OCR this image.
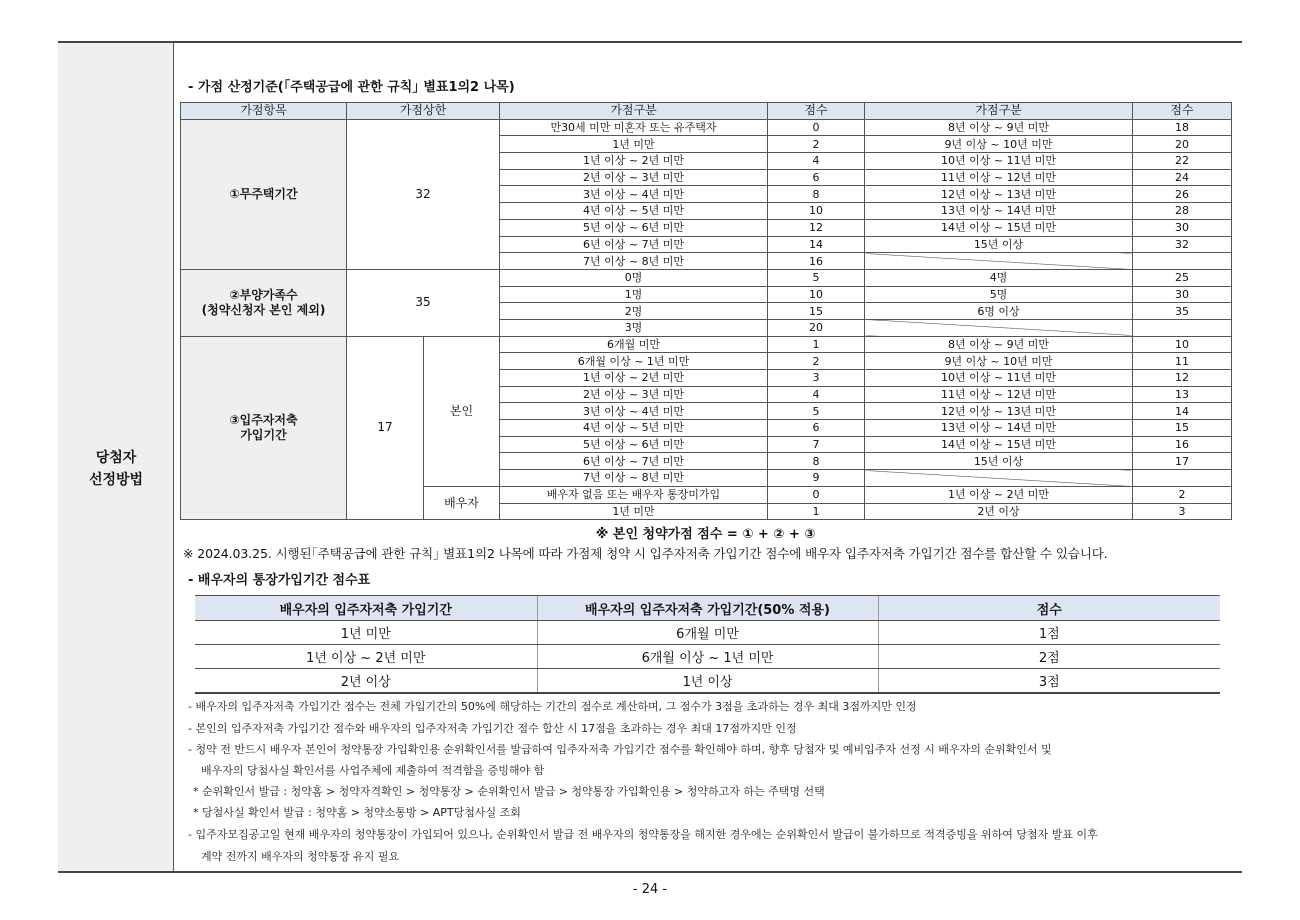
당첨자
선정방법
- 가점 산정기준(｢주택공급에 관한 규칙｣ 별표1의2 나목)
가점항목	가점상한		가점구분	점수	가점구분	점수
①무주택기간	32		만30세 미만 미혼자 또는 유주택자	0	8년 이상 ~ 9년 미만	18
			1년 미만	2	9년 이상 ~ 10년 미만	20
			1년 이상 ~ 2년 미만	4	10년 이상 ~ 11년 미만	22
			2년 이상 ~ 3년 미만	6	11년 이상 ~ 12년 미만	24
			3년 이상 ~ 4년 미만	8	12년 이상 ~ 13년 미만	26
			4년 이상 ~ 5년 미만	10	13년 이상 ~ 14년 미만	28
			5년 이상 ~ 6년 미만	12	14년 이상 ~ 15년 미만	30
			6년 이상 ~ 7년 미만	14	15년 이상	32
			7년 이상 ~ 8년 미만	16		
②부양가족수
(청약신청자 본인 제외)	35		0명	5	4명	25
			1명	10	5명	30
			2명	15	6명 이상	35
			3명	20		
③입주자저축
가입기간	17	본인	6개월 미만	1	8년 이상 ~ 9년 미만	10
			6개월 이상 ~ 1년 미만	2	9년 이상 ~ 10년 미만	11
			1년 이상 ~ 2년 미만	3	10년 이상 ~ 11년 미만	12
			2년 이상 ~ 3년 미만	4	11년 이상 ~ 12년 미만	13
			3년 이상 ~ 4년 미만	5	12년 이상 ~ 13년 미만	14
			4년 이상 ~ 5년 미만	6	13년 이상 ~ 14년 미만	15
			5년 이상 ~ 6년 미만	7	14년 이상 ~ 15년 미만	16
			6년 이상 ~ 7년 미만	8	15년 이상	17
			7년 이상 ~ 8년 미만	9		
		배우자	배우자 없음 또는 배우자 통장미가입	0	1년 이상 ~ 2년 미만	2
			1년 미만	1	2년 이상	3
※ 본인 청약가점 점수 = ① + ② + ③
※ 2024.03.25. 시행된｢주택공급에 관한 규칙｣ 별표1의2 나목에 따라 가점제 청약 시 입주자저축 가입기간 점수에 배우자 입주자저축 가입기간 점수를 합산할 수 있습니다.
- 배우자의 통장가입기간 점수표
배우자의 입주자저축 가입기간	배우자의 입주자저축 가입기간(50% 적용)	점수
1년 미만	6개월 미만	1점
1년 이상 ~ 2년 미만	6개월 이상 ~ 1년 미만	2점
2년 이상	1년 이상	3점
- 배우자의 입주자저축 가입기간 점수는 전체 가입기간의 50%에 해당하는 기간의 점수로 계산하며, 그 점수가 3점을 초과하는 경우 최대 3점까지만 인정
- 본인의 입주자저축 가입기간 점수와 배우자의 입주자저축 가입기간 점수 합산 시 17점을 초과하는 경우 최대 17점까지만 인정
- 청약 전 반드시 배우자 본인이 청약통장 가입확인용 순위확인서를 발급하여 입주자저축 가입기간 점수를 확인해야 하며, 향후 당첨자 및 예비입주자 선정 시 배우자의 순위확인서 및
배우자의 당첨사실 확인서를 사업주체에 제출하여 적격함을 증빙해야 함
* 순위확인서 발급 : 청약홈 > 청약자격확인 > 청약통장 > 순위확인서 발급 > 청약통장 가입확인용 > 청약하고자 하는 주택명 선택
* 당첨사실 확인서 발급 : 청약홈 > 청약소통방 > APT당첨사실 조회
- 입주자모집공고일 현재 배우자의 청약통장이 가입되어 있으나, 순위확인서 발급 전 배우자의 청약통장을 해지한 경우에는 순위확인서 발급이 불가하므로 적격증빙을 위하여 당첨자 발표 이후
계약 전까지 배우자의 청약통장 유지 필요
- 24 -
